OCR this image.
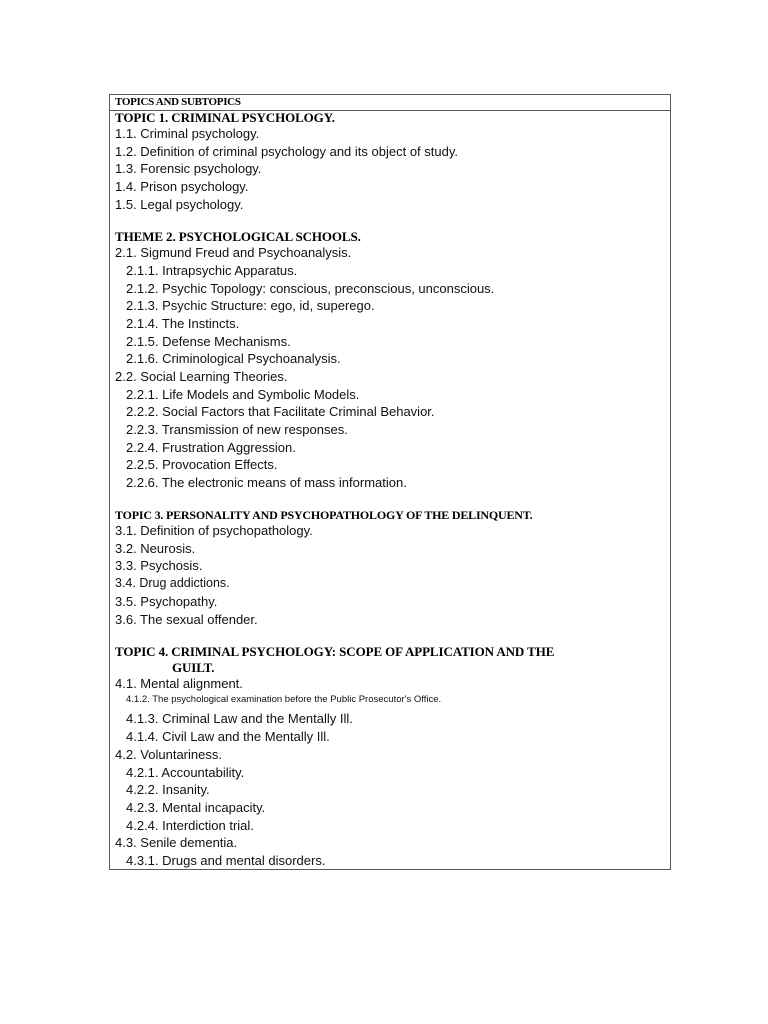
TOPICS AND SUBTOPICS
TOPIC 1. CRIMINAL PSYCHOLOGY.
1.1. Criminal psychology.
1.2. Definition of criminal psychology and its object of study.
1.3. Forensic psychology.
1.4. Prison psychology.
1.5. Legal psychology.
THEME 2. PSYCHOLOGICAL SCHOOLS.
2.1. Sigmund Freud and Psychoanalysis.
2.1.1. Intrapsychic Apparatus.
2.1.2. Psychic Topology: conscious, preconscious, unconscious.
2.1.3. Psychic Structure: ego, id, superego.
2.1.4. The Instincts.
2.1.5. Defense Mechanisms.
2.1.6. Criminological Psychoanalysis.
2.2. Social Learning Theories.
2.2.1. Life Models and Symbolic Models.
2.2.2. Social Factors that Facilitate Criminal Behavior.
2.2.3. Transmission of new responses.
2.2.4. Frustration Aggression.
2.2.5. Provocation Effects.
2.2.6. The electronic means of mass information.
TOPIC 3. PERSONALITY AND PSYCHOPATHOLOGY OF THE DELINQUENT.
3.1. Definition of psychopathology.
3.2. Neurosis.
3.3. Psychosis.
3.4. Drug addictions.
3.5. Psychopathy.
3.6. The sexual offender.
TOPIC 4. CRIMINAL PSYCHOLOGY: SCOPE OF APPLICATION AND THE
GUILT.
4.1. Mental alignment.
4.1.2. The psychological examination before the Public Prosecutor's Office.
4.1.3. Criminal Law and the Mentally Ill.
4.1.4. Civil Law and the Mentally Ill.
4.2. Voluntariness.
4.2.1. Accountability.
4.2.2. Insanity.
4.2.3. Mental incapacity.
4.2.4. Interdiction trial.
4.3. Senile dementia.
4.3.1. Drugs and mental disorders.
